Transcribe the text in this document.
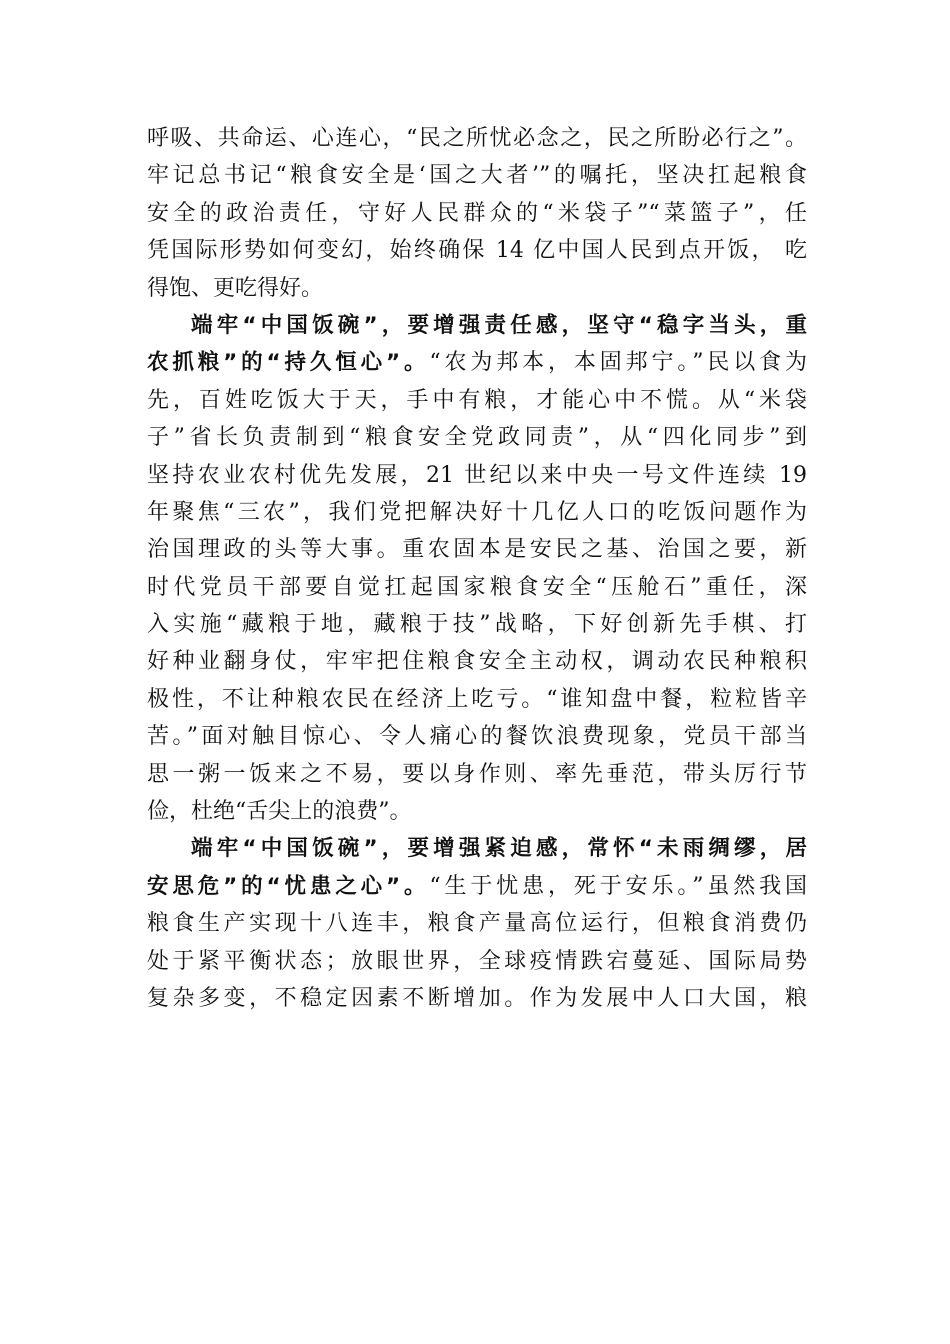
呼吸、共命运、心连心，“民之所忧必念之，民之所盼必行之”。
牢记总书记“粮食安全是‘国之大者’”的嘱托，坚决扛起粮食
安全的政治责任，守好人民群众的“米袋子”“菜篮子”，任
凭国际形势如何变幻，始终确保 14 亿中国人民到点开饭， 吃
得饱、更吃得好。
端牢“中国饭碗”，要增强责任感，坚守“稳字当头，重
农抓粮”的“持久恒心”。“农为邦本，本固邦宁。”民以食为
先，百姓吃饭大于天，手中有粮，才能心中不慌。从“米袋
子”省长负责制到“粮食安全党政同责”，从“四化同步”到
坚持农业农村优先发展，21 世纪以来中央一号文件连续 19
年聚焦“三农”，我们党把解决好十几亿人口的吃饭问题作为
治国理政的头等大事。重农固本是安民之基、治国之要，新
时代党员干部要自觉扛起国家粮食安全“压舱石”重任，深
入实施“藏粮于地，藏粮于技”战略，下好创新先手棋、打
好种业翻身仗，牢牢把住粮食安全主动权，调动农民种粮积
极性，不让种粮农民在经济上吃亏。“谁知盘中餐，粒粒皆辛
苦。”面对触目惊心、令人痛心的餐饮浪费现象，党员干部当
思一粥一饭来之不易，要以身作则、率先垂范，带头厉行节
俭，杜绝“舌尖上的浪费”。
端牢“中国饭碗”，要增强紧迫感，常怀“未雨绸缪，居
安思危”的“忧患之心”。“生于忧患，死于安乐。”虽然我国
粮食生产实现十八连丰，粮食产量高位运行，但粮食消费仍
处于紧平衡状态；放眼世界，全球疫情跌宕蔓延、国际局势
复杂多变，不稳定因素不断增加。作为发展中人口大国，粮
